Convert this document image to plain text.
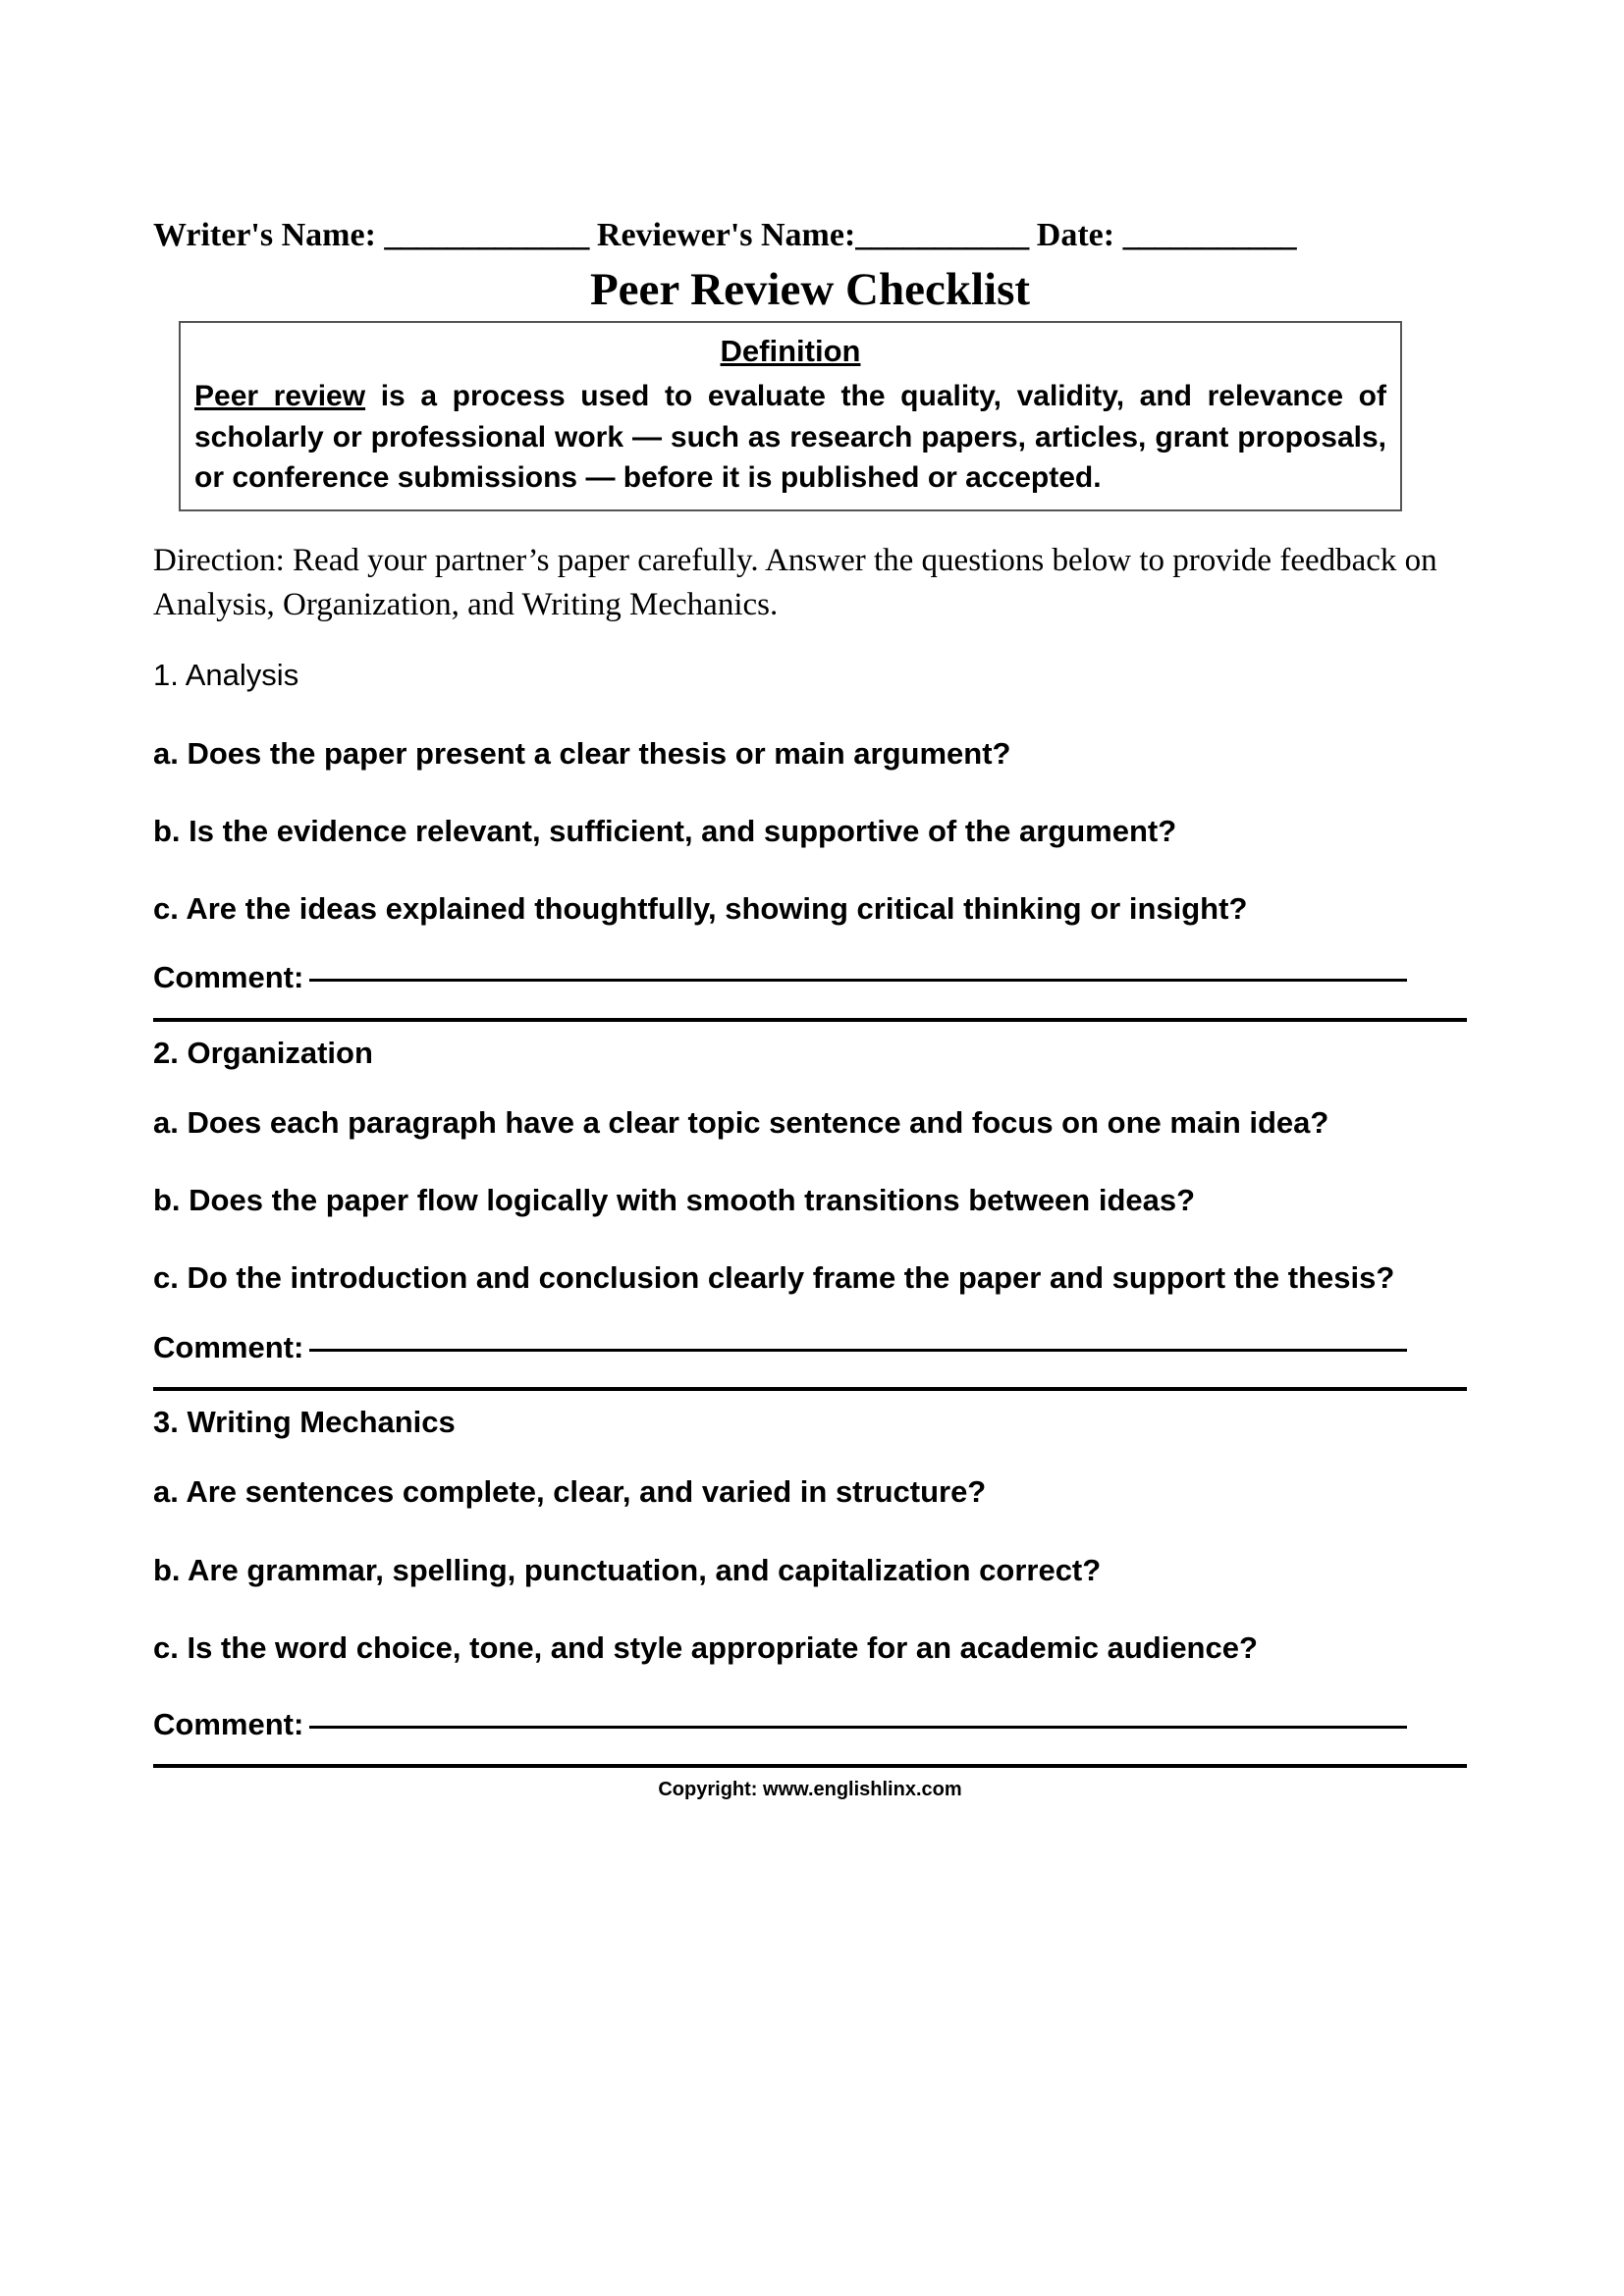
Writer's Name: _____________ Reviewer's Name:___________ Date: ___________
Peer Review Checklist
Definition
Peer review is a process used to evaluate the quality, validity, and relevance of scholarly or professional work — such as research papers, articles, grant proposals, or conference submissions — before it is published or accepted.
Direction: Read your partner’s paper carefully. Answer the questions below to provide feedback on Analysis, Organization, and Writing Mechanics.
1. Analysis
a. Does the paper present a clear thesis or main argument?
b. Is the evidence relevant, sufficient, and supportive of the argument?
c. Are the ideas explained thoughtfully, showing critical thinking or insight?
Comment:
2. Organization
a. Does each paragraph have a clear topic sentence and focus on one main idea?
b. Does the paper flow logically with smooth transitions between ideas?
c. Do the introduction and conclusion clearly frame the paper and support the thesis?
Comment:
3. Writing Mechanics
a. Are sentences complete, clear, and varied in structure?
b. Are grammar, spelling, punctuation, and capitalization correct?
c. Is the word choice, tone, and style appropriate for an academic audience?
Comment:
Copyright: www.englishlinx.com
